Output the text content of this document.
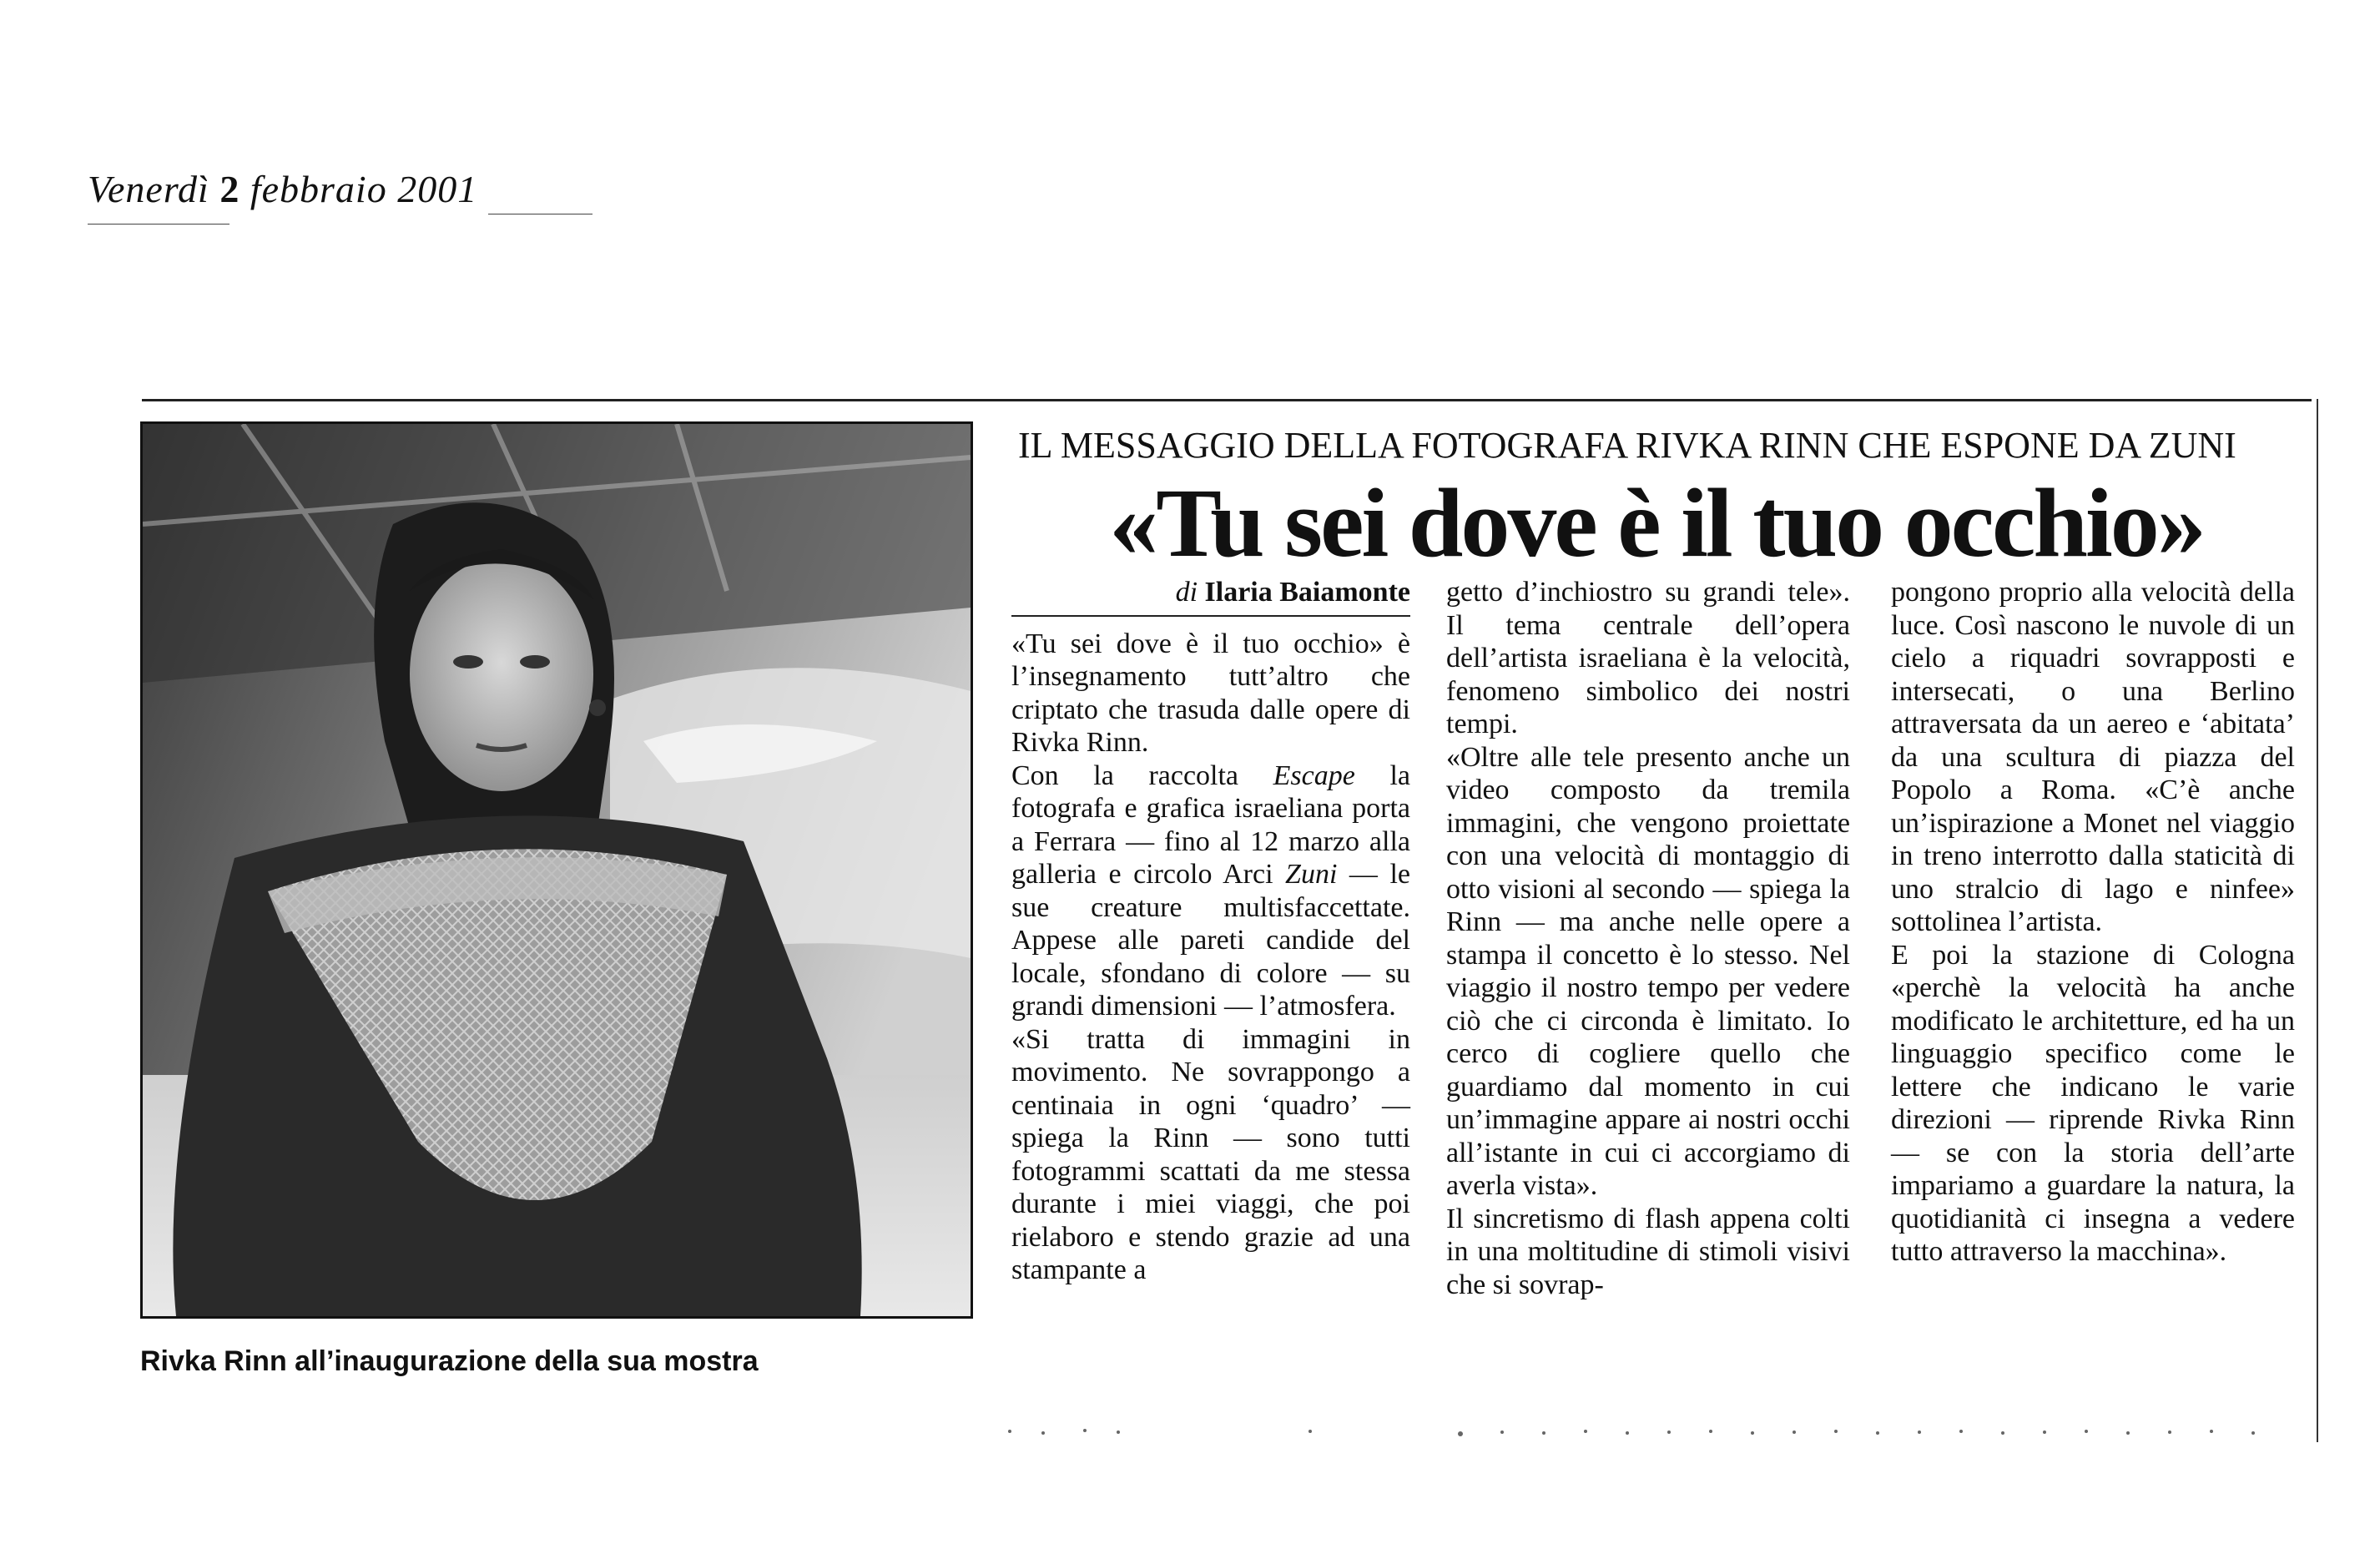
Venerdì 2 febbraio 2001
Rivka Rinn all’inaugurazione della sua mostra
IL MESSAGGIO DELLA FOTOGRAFA RIVKA RINN CHE ESPONE DA ZUNI
«Tu sei dove è il tuo occhio»
di Ilaria Baiamonte

«Tu sei dove è il tuo occhio» è l’insegnamento tutt’altro che criptato che trasuda dalle opere di Rivka Rinn.

Con la raccolta Escape la fotografa e grafica israeliana porta a Ferrara — fino al 12 marzo alla galleria e circolo Arci Zuni — le sue creature multisfaccettate. Appese alle pareti candide del locale, sfondano di colore — su grandi dimensioni — l’atmosfera.

«Si tratta di immagini in movimento. Ne sovrappongo a centinaia in ogni ‘quadro’ — spiega la Rinn — sono tutti fotogrammi scattati da me stessa durante i miei viaggi, che poi rielaboro e stendo grazie ad una stampante a

getto d’inchiostro su grandi tele». Il tema centrale dell’opera dell’artista israeliana è la velocità, fenomeno simbolico dei nostri tempi.

«Oltre alle tele presento anche un video composto da tremila immagini, che vengono proiettate con una velocità di montaggio di otto visioni al secondo — spiega la Rinn — ma anche nelle opere a stampa il concetto è lo stesso. Nel viaggio il nostro tempo per vedere ciò che ci circonda è limitato. Io cerco di cogliere quello che guardiamo dal momento in cui un’immagine appare ai nostri occhi all’istante in cui ci accorgiamo di averla vista».

Il sincretismo di flash appena colti in una moltitudine di stimoli visivi che si sovrap-

pongono proprio alla velocità della luce. Così nascono le nuvole di un cielo a riquadri sovrapposti e intersecati, o una Berlino attraversata da un aereo e ‘abitata’ da una scultura di piazza del Popolo a Roma. «C’è anche un’ispirazione a Monet nel viaggio in treno interrotto dalla staticità di uno stralcio di lago e ninfee» sottolinea l’artista.

E poi la stazione di Cologna «perchè la velocità ha anche modificato le architetture, ed ha un linguaggio specifico come le lettere che indicano le varie direzioni — riprende Rivka Rinn — se con la storia dell’arte impariamo a guardare la natura, la quotidianità ci insegna a vedere tutto attraverso la macchina».
